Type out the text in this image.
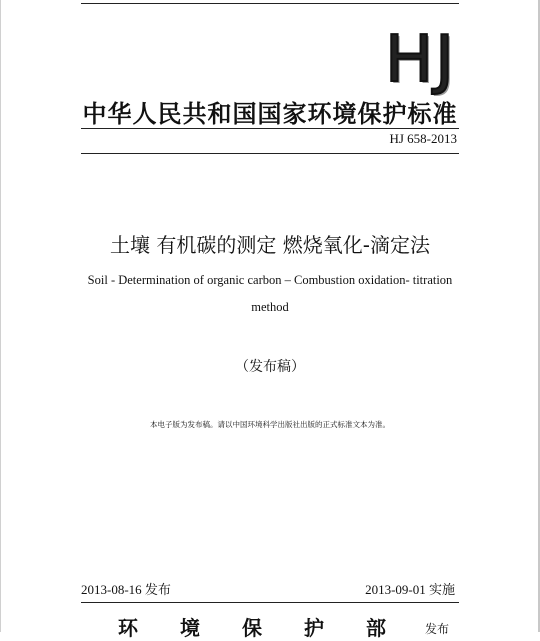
HJ
中华人民共和国国家环境保护标准
HJ 658-2013
土壤 有机碳的测定 燃烧氧化-滴定法
Soil - Determination of organic carbon – Combustion oxidation- titration method
（发布稿）
本电子版为发布稿。请以中国环境科学出版社出版的正式标准文本为准。
2013-08-16 发布	2013-09-01 实施
环境保护部
发布
